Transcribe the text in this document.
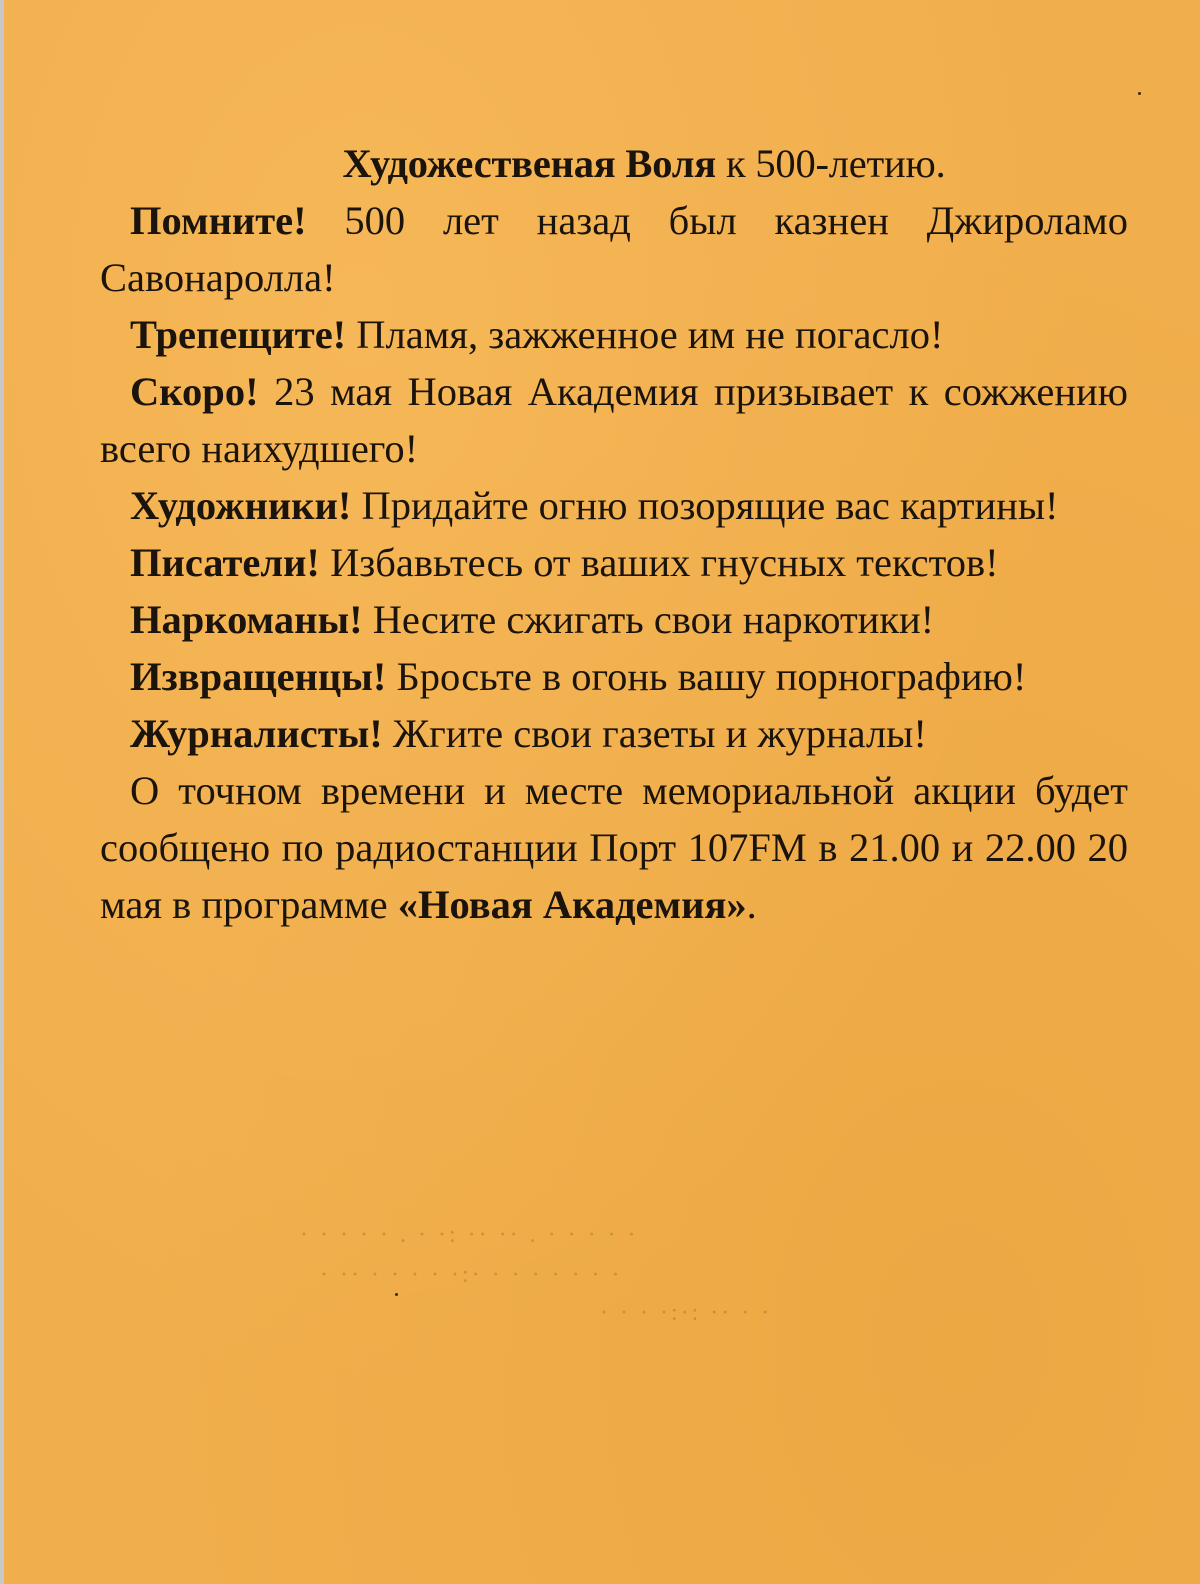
Художественая Воля к 500-летию.

Помните! 500 лет назад был казнен Джироламо Савонаролла!

Трепещите! Пламя, зажженное им не погасло!

Скоро! 23 мая Новая Академия призывает к сожжению всего наихудшего!

Художники! Придайте огню позорящие вас картины!

Писатели! Избавьтесь от ваших гнусных текстов!

Наркоманы! Несите сжигать свои наркотики!

Извращенцы! Бросьте в огонь вашу порнографию!

Журналисты! Жгите свои газеты и журналы!

О точном времени и месте мемориальной акции будет сообщено по радиостанции Порт 107FM в 21.00 и 22.00 20 мая в программе «Новая Академия».

· · · · · . · ·: ·· ·· . · · · · ·
· ·· · · · · ·:· · · · · · · ·
· · · ·:·: ·· · ·
